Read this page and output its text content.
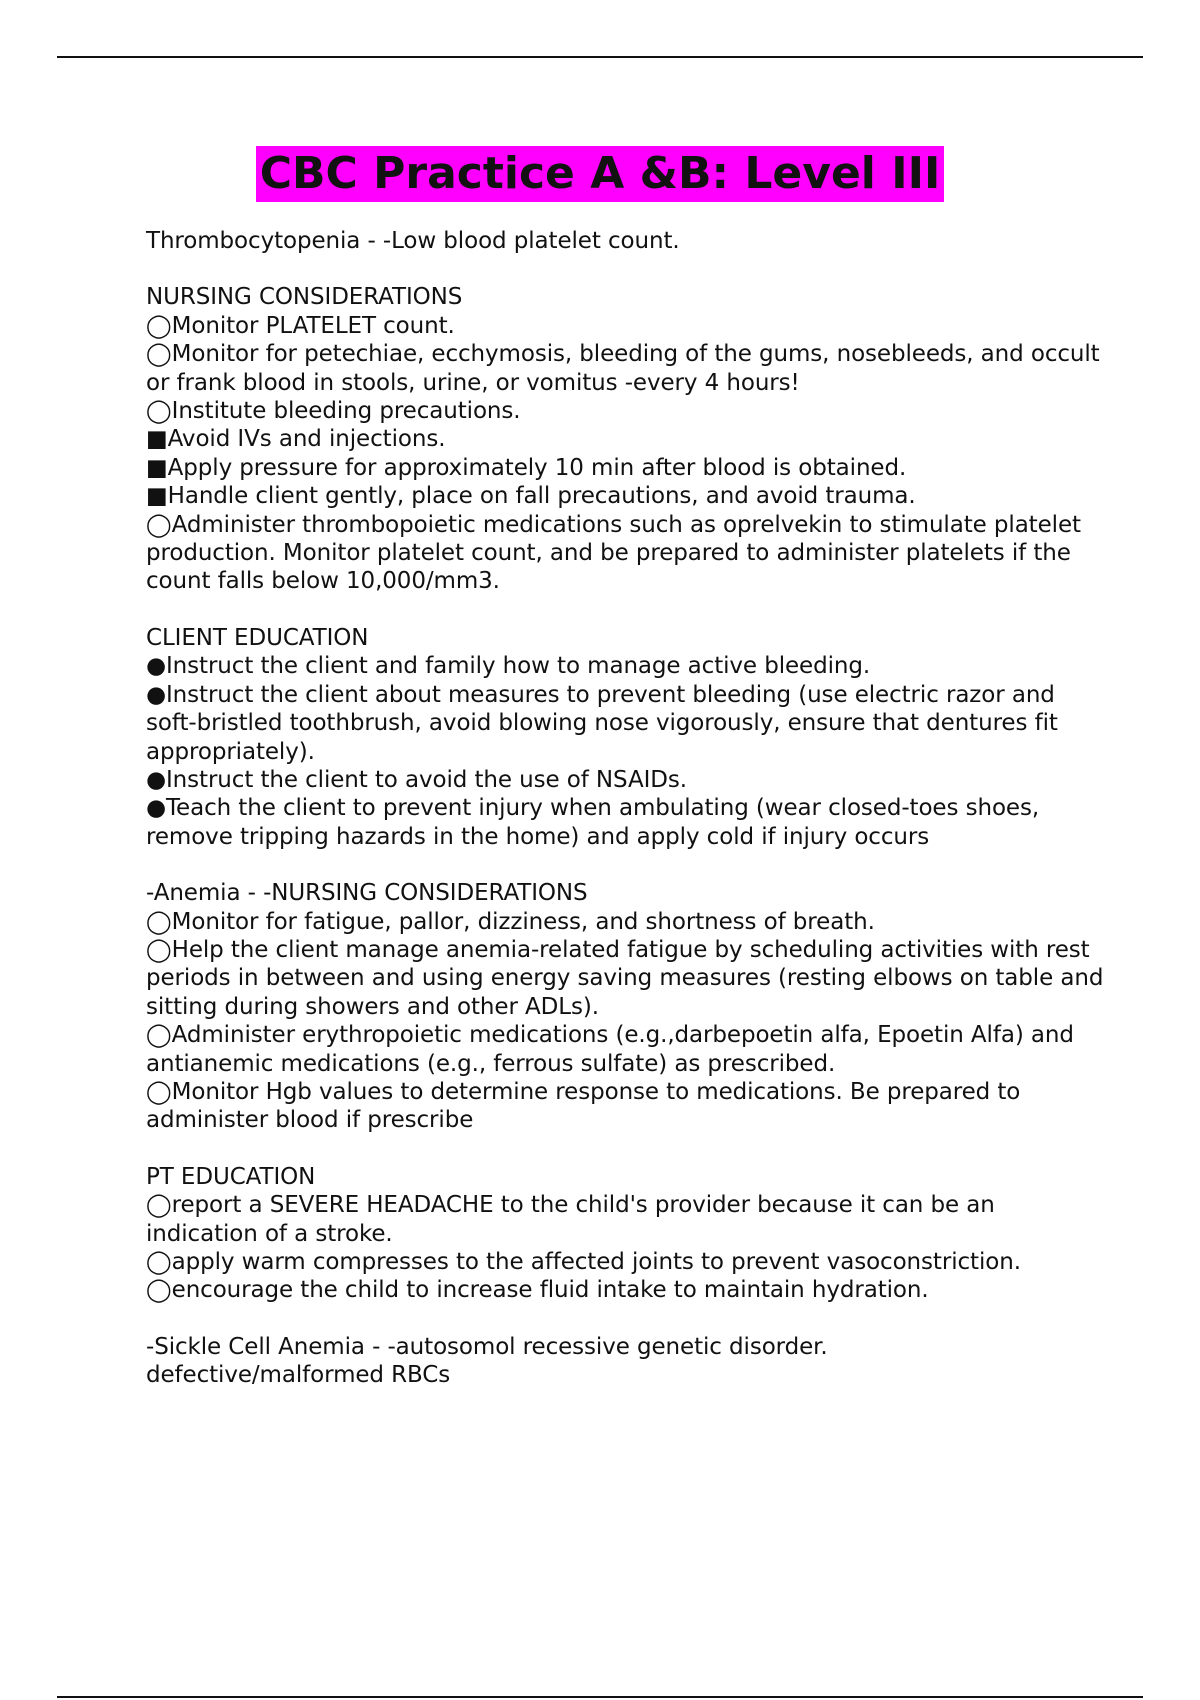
CBC Practice A &B: Level III

Thrombocytopenia - -Low blood platelet count.

NURSING CONSIDERATIONS

◯Monitor PLATELET count.

◯Monitor for petechiae, ecchymosis, bleeding of the gums, nosebleeds, and occult or frank blood in stools, urine, or vomitus -every 4 hours!

◯Institute bleeding precautions.

■Avoid IVs and injections.

■Apply pressure for approximately 10 min after blood is obtained.

■Handle client gently, place on fall precautions, and avoid trauma.

◯Administer thrombopoietic medications such as oprelvekin to stimulate platelet production. Monitor platelet count, and be prepared to administer platelets if the count falls below 10,000/mm3.

CLIENT EDUCATION

●Instruct the client and family how to manage active bleeding.

●Instruct the client about measures to prevent bleeding (use electric razor and soft-bristled toothbrush, avoid blowing nose vigorously, ensure that dentures fit appropriately).

●Instruct the client to avoid the use of NSAIDs.

●Teach the client to prevent injury when ambulating (wear closed-toes shoes, remove tripping hazards in the home) and apply cold if injury occurs

-Anemia - -NURSING CONSIDERATIONS

◯Monitor for fatigue, pallor, dizziness, and shortness of breath.

◯Help the client manage anemia-related fatigue by scheduling activities with rest periods in between and using energy saving measures (resting elbows on table and sitting during showers and other ADLs).

◯Administer erythropoietic medications (e.g.,darbepoetin alfa, Epoetin Alfa) and antianemic medications (e.g., ferrous sulfate) as prescribed.

◯Monitor Hgb values to determine response to medications. Be prepared to administer blood if prescribe

PT EDUCATION

◯report a SEVERE HEADACHE to the child's provider because it can be an indication of a stroke.

◯apply warm compresses to the affected joints to prevent vasoconstriction.

◯encourage the child to increase fluid intake to maintain hydration.

-Sickle Cell Anemia - -autosomol recessive genetic disorder.

defective/malformed RBCs
